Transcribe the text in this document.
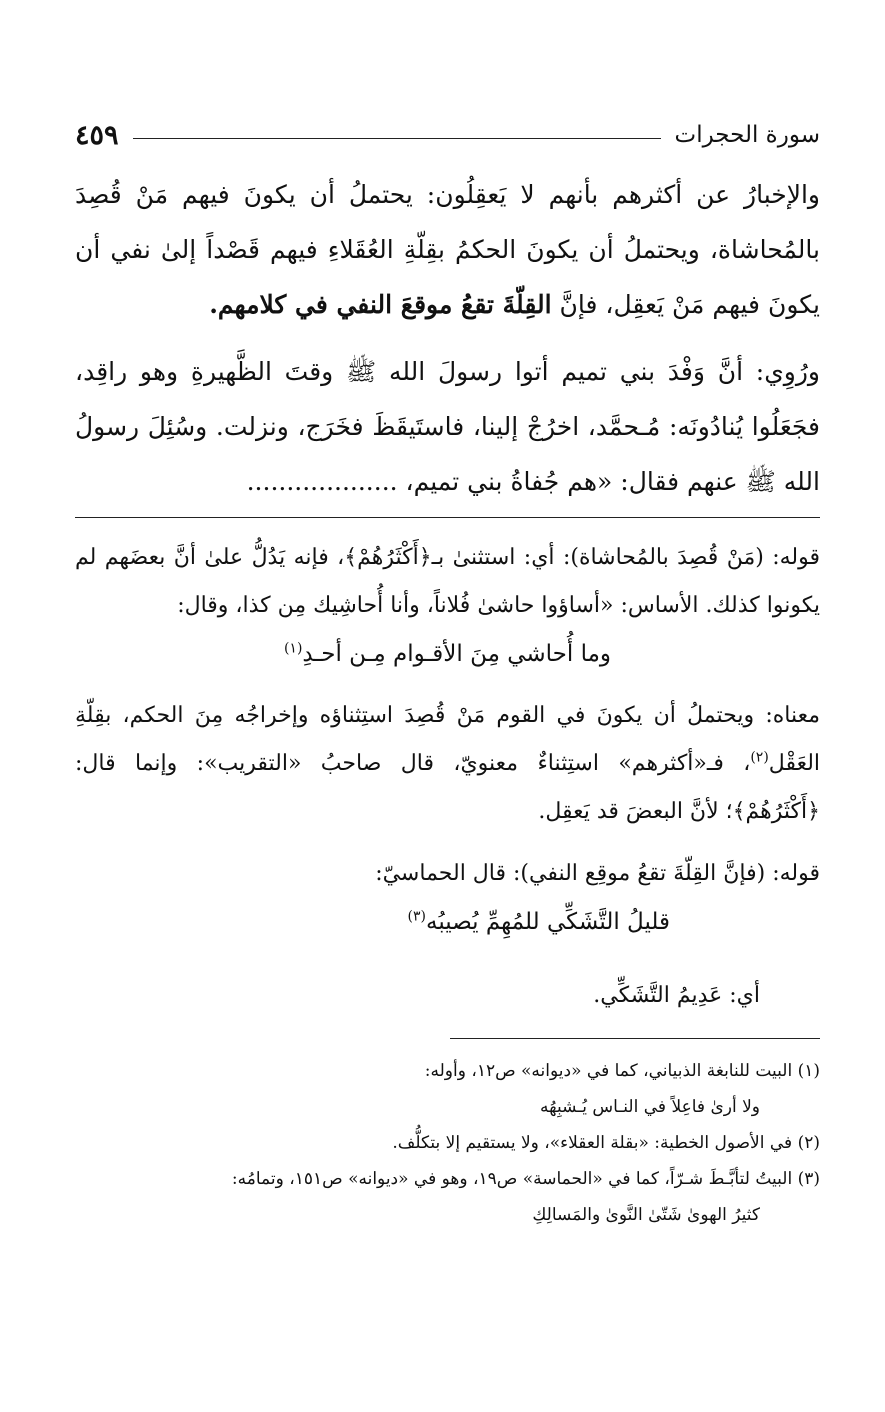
سورة الحجرات
٤٥٩

والإخبارُ عن أكثرهم بأنهم لا يَعقِلُون: يحتملُ أن يكونَ فيهم مَنْ قُصِدَ بالمُحاشاة، ويحتملُ أن يكونَ الحكمُ بقِلّةِ العُقَلاءِ فيهم قَصْداً إلىٰ نفي أن يكونَ فيهم مَنْ يَعقِل، فإنَّ القِلّةَ تقعُ موقعَ النفي في كلامهم.

ورُوِي: أنَّ وَفْدَ بني تميم أتوا رسولَ الله ﷺ وقتَ الظَّهيرةِ وهو راقِد، فجَعَلُوا يُنادُونَه: مُـحمَّد، اخرُجْ إلينا، فاستَيقَظَ فخَرَج، ونزلت. وسُئِلَ رسولُ الله ﷺ عنهم فقال: «هم جُفاةُ بني تميم، ...................

قوله: (مَنْ قُصِدَ بالمُحاشاة): أي: استثنىٰ بـ﴿أَكْثَرُهُمْ﴾، فإنه يَدُلُّ علىٰ أنَّ بعضَهم لم يكونوا كذلك. الأساس: «أساؤوا حاشىٰ فُلاناً، وأنا أُحاشِيك مِن كذا، وقال:

وما أُحاشي مِنَ الأقـوام مِـن أحـدِ$^{(١)}$

معناه: ويحتملُ أن يكونَ في القوم مَنْ قُصِدَ استِثناؤه وإخراجُه مِنَ الحكم، بقِلّةِ العَقْل$^{(٢)}$، فـ«أكثرهم» استِثناءٌ معنويّ، قال صاحبُ «التقريب»: وإنما قال: ﴿أَكْثَرُهُمْ﴾؛ لأنَّ البعضَ قد يَعقِل.

قوله: (فإنَّ القِلّةَ تقعُ موقِع النفي): قال الحماسيّ:

قليلُ التَّشَكِّي للمُهِمِّ يُصيبُه$^{(٣)}$

أي: عَدِيمُ التَّشَكِّي.

(١) البيت للنابغة الذبياني، كما في «ديوانه» ص١٢، وأوله:

ولا أرىٰ فاعِلاً في النـاس يُـشبِهُه

(٢) في الأصول الخطية: «بقلة العقلاء»، ولا يستقيم إلا بتكلُّف.

(٣) البيتُ لتأبَّـطَ شـرّاً، كما في «الحماسة» ص١٩، وهو في «ديوانه» ص١٥١، وتمامُه:

كثيرُ الهوىٰ شَتّىٰ النَّوىٰ والمَسالِكِ
